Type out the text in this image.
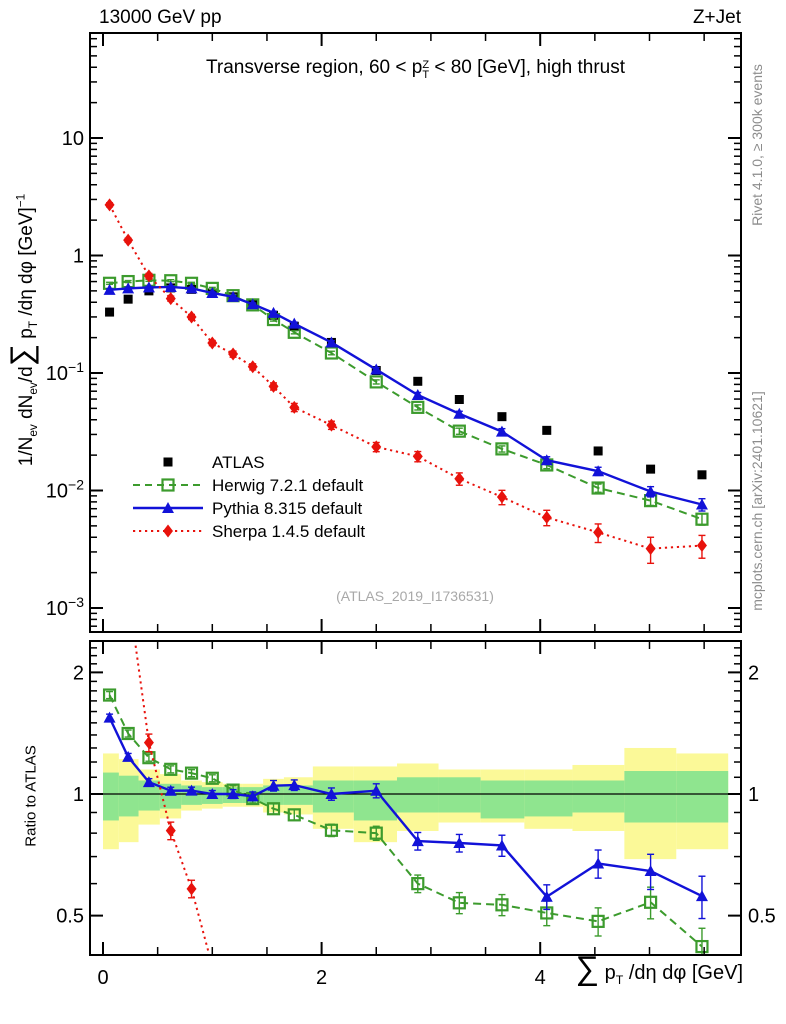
0	2	4
10
1
$10^{-1}$
$10^{-2}$
$10^{-3}$
0.5	0.5
1	1
2	2
ATLAS
Herwig 7.2.1 default
Pythia 8.315 default
Sherpa 1.4.5 default
(ATLAS_2019_I1736531)
13000 GeV pp	Z+Jet
Transverse region, 60 < p Z
T < 80 [GeV], high thrust
$1/N_{ev}$ $dN_{ev}/d\sum$ $p_T$ /dη dφ [GeV]$^{-1}$
Ratio to ATLAS
Rivet 4.1.0, ≥ 300k events
mcplots.cern.ch [arXiv:2401.10621]
∑ $p_T$ /dη dφ [GeV]
